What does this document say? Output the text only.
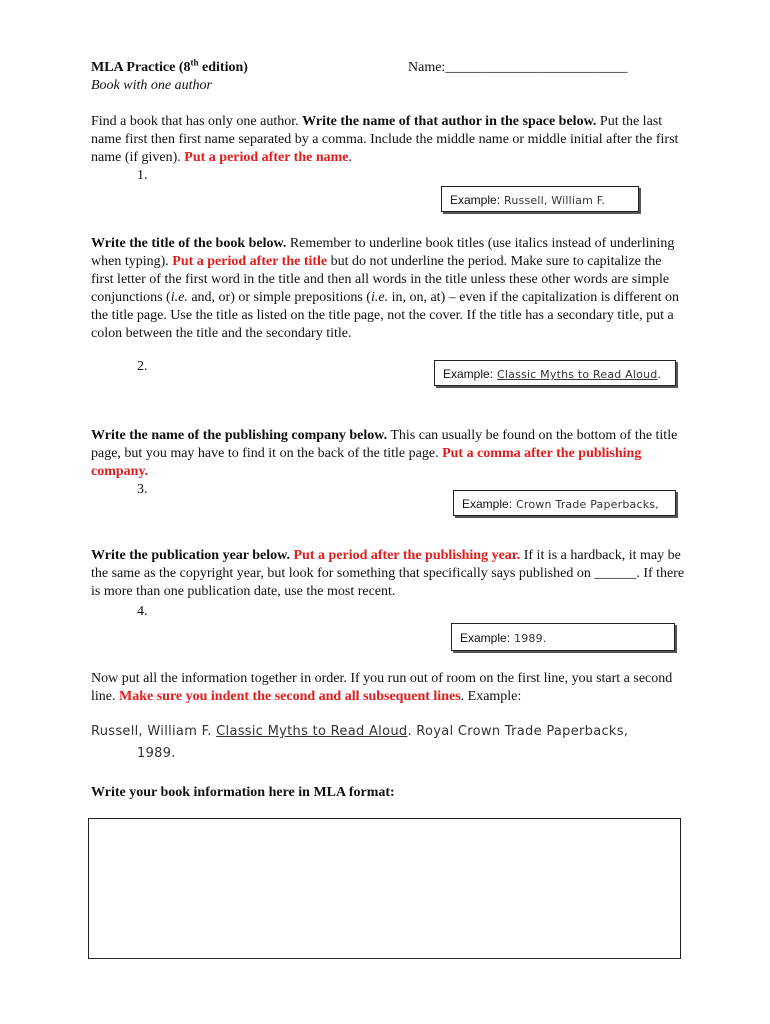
MLA Practice (8th edition)
Book with one author
Name:__________________________
Find a book that has only one author. Write the name of that author in the space below. Put the last name first then first name separated by a comma. Include the middle name or middle initial after the first name (if given). Put a period after the name.
1.
Example: Russell, William F.
Write the title of the book below. Remember to underline book titles (use italics instead of underlining when typing). Put a period after the title but do not underline the period. Make sure to capitalize the first letter of the first word in the title and then all words in the title unless these other words are simple conjunctions (i.e. and, or) or simple prepositions (i.e. in, on, at) – even if the capitalization is different on the title page. Use the title as listed on the title page, not the cover. If the title has a secondary title, put a colon between the title and the secondary title.
2.	Example: Classic Myths to Read Aloud.
Write the name of the publishing company below. This can usually be found on the bottom of the title page, but you may have to find it on the back of the title page. Put a comma after the publishing company.
3.
Example: Crown Trade Paperbacks,
Write the publication year below. Put a period after the publishing year. If it is a hardback, it may be the same as the copyright year, but look for something that specifically says published on ______. If there is more than one publication date, use the most recent.
4.
Example: 1989.
Now put all the information together in order. If you run out of room on the first line, you start a second line. Make sure you indent the second and all subsequent lines. Example:
Russell, William F. Classic Myths to Read Aloud. Royal Crown Trade Paperbacks,
1989.
Write your book information here in MLA format:
